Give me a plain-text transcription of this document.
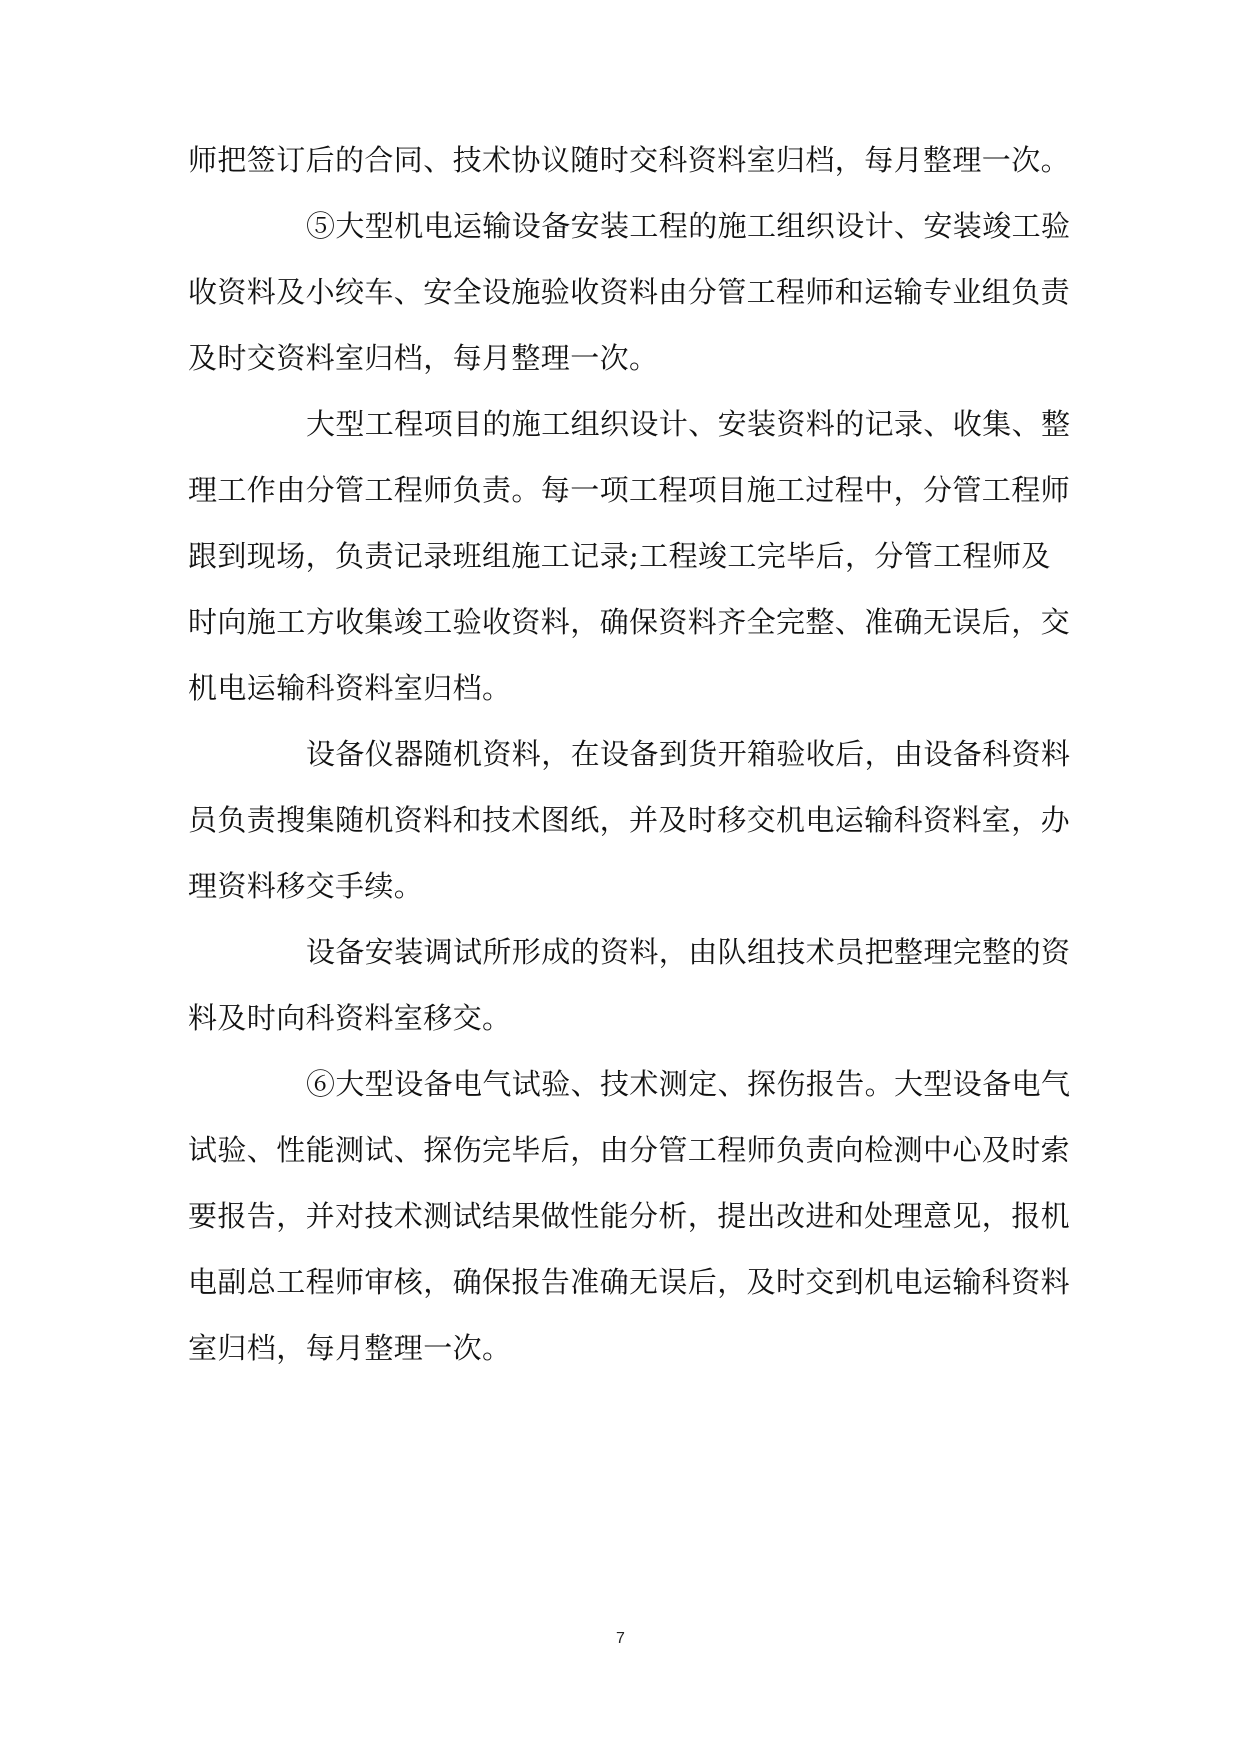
师把签订后的合同、技术协议随时交科资料室归档，每月整理一次。
⑤大型机电运输设备安装工程的施工组织设计、安装竣工验
收资料及小绞车、安全设施验收资料由分管工程师和运输专业组负责
及时交资料室归档，每月整理一次。
大型工程项目的施工组织设计、安装资料的记录、收集、整
理工作由分管工程师负责。每一项工程项目施工过程中，分管工程师
跟到现场，负责记录班组施工记录;工程竣工完毕后，分管工程师及
时向施工方收集竣工验收资料，确保资料齐全完整、准确无误后，交
机电运输科资料室归档。
设备仪器随机资料，在设备到货开箱验收后，由设备科资料
员负责搜集随机资料和技术图纸，并及时移交机电运输科资料室，办
理资料移交手续。
设备安装调试所形成的资料，由队组技术员把整理完整的资
料及时向科资料室移交。
⑥大型设备电气试验、技术测定、探伤报告。大型设备电气
试验、性能测试、探伤完毕后，由分管工程师负责向检测中心及时索
要报告，并对技术测试结果做性能分析，提出改进和处理意见，报机
电副总工程师审核，确保报告准确无误后，及时交到机电运输科资料
室归档，每月整理一次。
7
